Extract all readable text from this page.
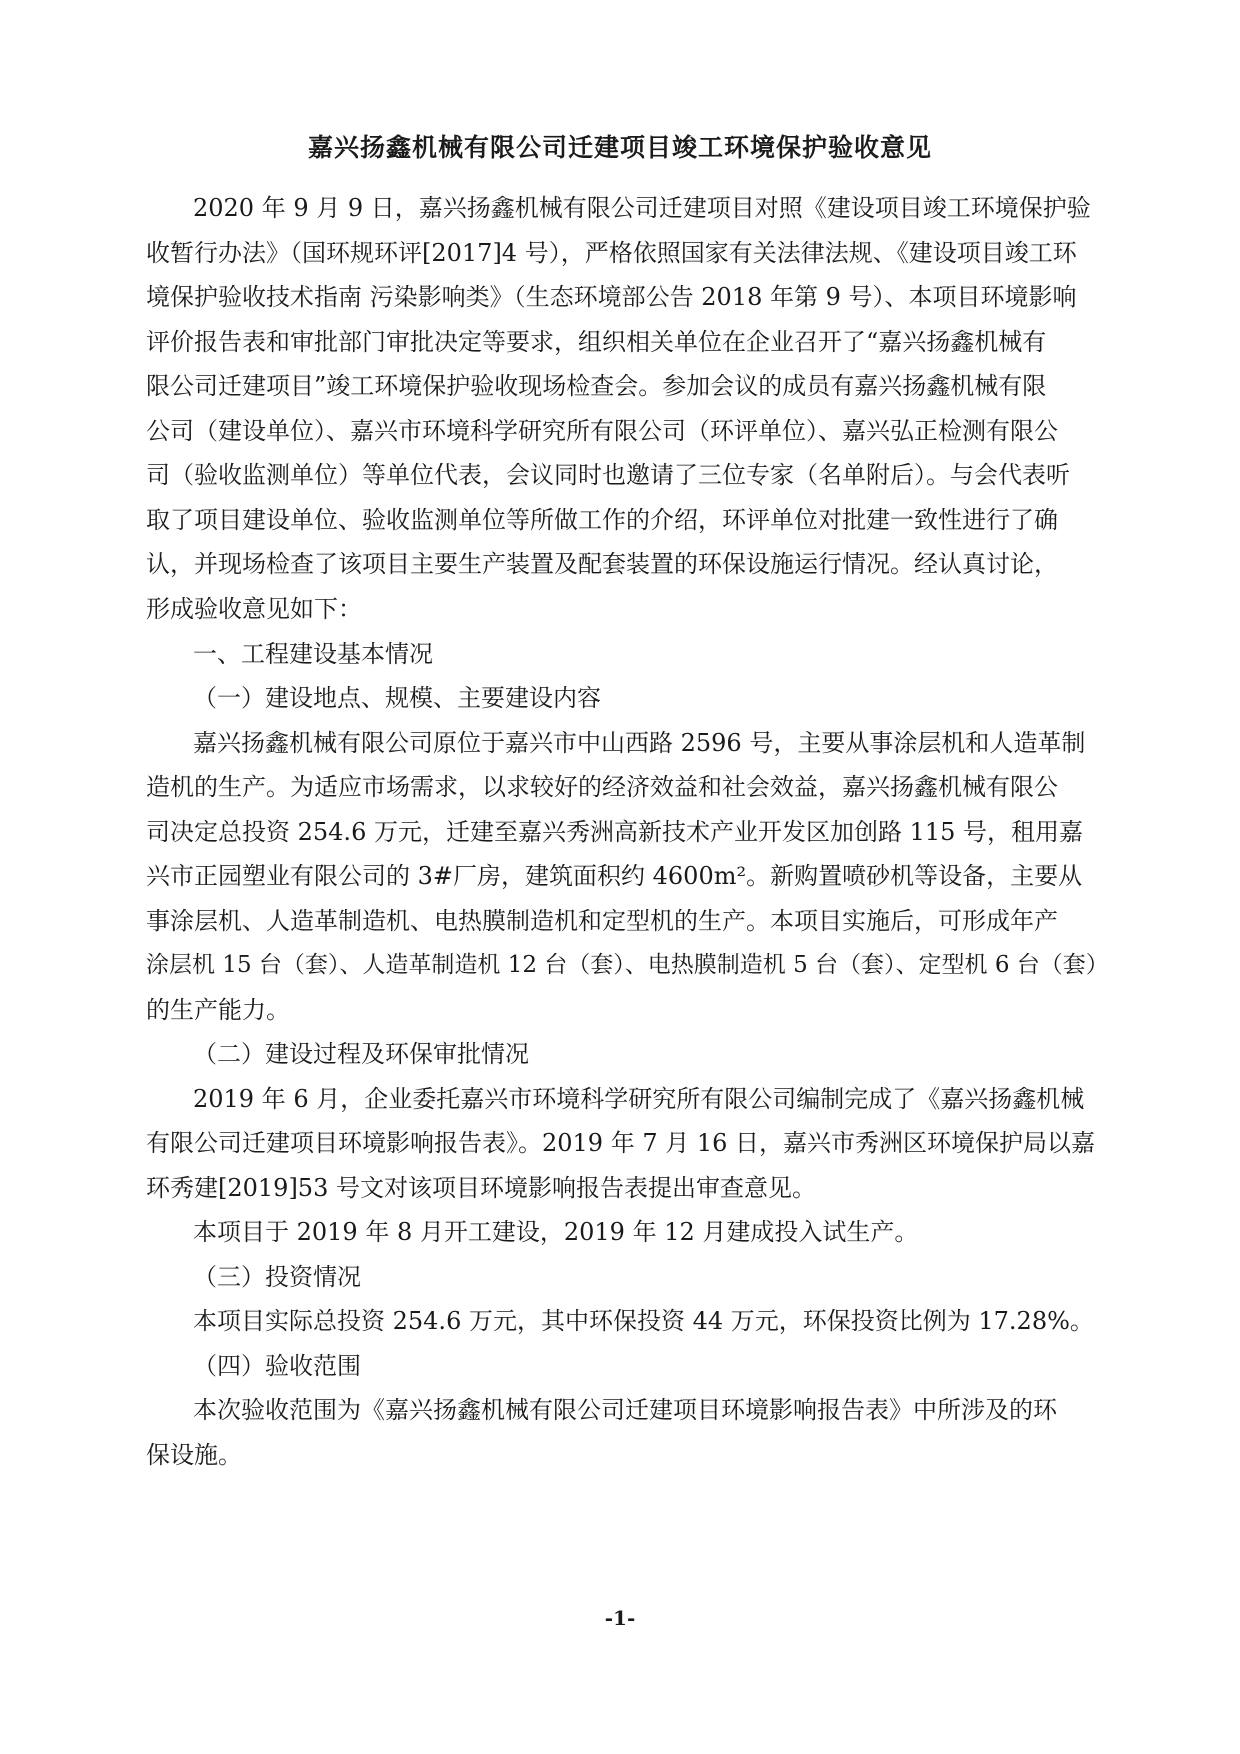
嘉兴扬鑫机械有限公司迁建项目竣工环境保护验收意见
2020 年 9 月 9 日，嘉兴扬鑫机械有限公司迁建项目对照《建设项目竣工环境保护验
收暂行办法》（国环规环评[2017]4 号），严格依照国家有关法律法规、《建设项目竣工环
境保护验收技术指南 污染影响类》（生态环境部公告 2018 年第 9 号）、本项目环境影响
评价报告表和审批部门审批决定等要求，组织相关单位在企业召开了“嘉兴扬鑫机械有
限公司迁建项目”竣工环境保护验收现场检查会。参加会议的成员有嘉兴扬鑫机械有限
公司（建设单位）、嘉兴市环境科学研究所有限公司（环评单位）、嘉兴弘正检测有限公
司（验收监测单位）等单位代表，会议同时也邀请了三位专家（名单附后）。与会代表听
取了项目建设单位、验收监测单位等所做工作的介绍，环评单位对批建一致性进行了确
认，并现场检查了该项目主要生产装置及配套装置的环保设施运行情况。经认真讨论，
形成验收意见如下：
一、工程建设基本情况
（一）建设地点、规模、主要建设内容
嘉兴扬鑫机械有限公司原位于嘉兴市中山西路 2596 号，主要从事涂层机和人造革制
造机的生产。为适应市场需求，以求较好的经济效益和社会效益，嘉兴扬鑫机械有限公
司决定总投资 254.6 万元，迁建至嘉兴秀洲高新技术产业开发区加创路 115 号，租用嘉
兴市正园塑业有限公司的 3#厂房，建筑面积约 4600m²。新购置喷砂机等设备，主要从
事涂层机、人造革制造机、电热膜制造机和定型机的生产。本项目实施后，可形成年产
涂层机 15 台（套）、人造革制造机 12 台（套）、电热膜制造机 5 台（套）、定型机 6 台（套）
的生产能力。
（二）建设过程及环保审批情况
2019 年 6 月，企业委托嘉兴市环境科学研究所有限公司编制完成了《嘉兴扬鑫机械
有限公司迁建项目环境影响报告表》。2019 年 7 月 16 日，嘉兴市秀洲区环境保护局以嘉
环秀建[2019]53 号文对该项目环境影响报告表提出审查意见。
本项目于 2019 年 8 月开工建设，2019 年 12 月建成投入试生产。
（三）投资情况
本项目实际总投资 254.6 万元，其中环保投资 44 万元，环保投资比例为 17.28%。
（四）验收范围
本次验收范围为《嘉兴扬鑫机械有限公司迁建项目环境影响报告表》中所涉及的环
保设施。
-1-
